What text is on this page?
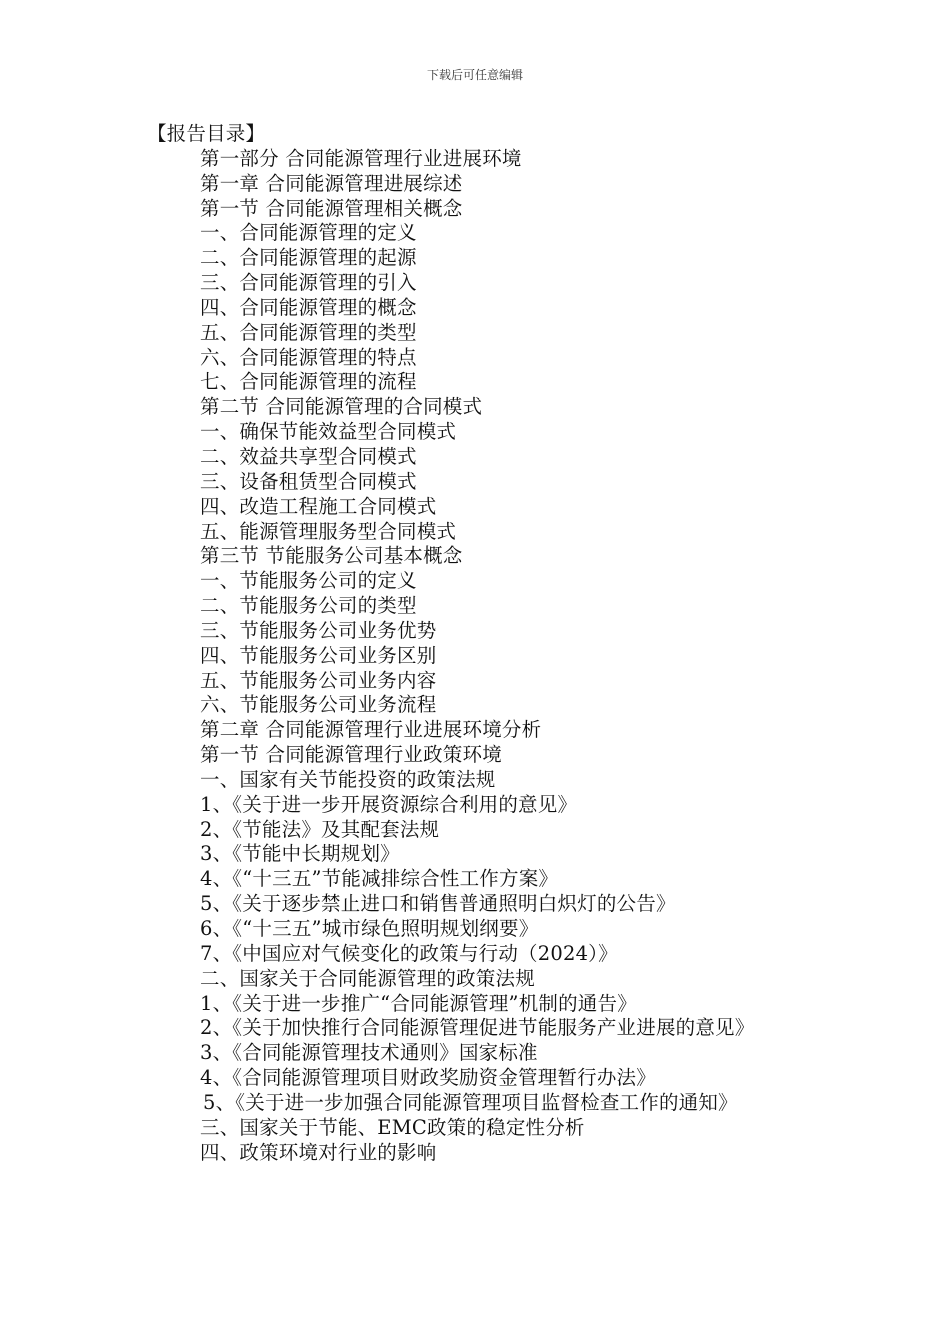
下载后可任意编辑
【报告目录】
第一部分 合同能源管理行业进展环境
第一章 合同能源管理进展综述
第一节 合同能源管理相关概念
一、合同能源管理的定义
二、合同能源管理的起源
三、合同能源管理的引入
四、合同能源管理的概念
五、合同能源管理的类型
六、合同能源管理的特点
七、合同能源管理的流程
第二节 合同能源管理的合同模式
一、确保节能效益型合同模式
二、效益共享型合同模式
三、设备租赁型合同模式
四、改造工程施工合同模式
五、能源管理服务型合同模式
第三节 节能服务公司基本概念
一、节能服务公司的定义
二、节能服务公司的类型
三、节能服务公司业务优势
四、节能服务公司业务区别
五、节能服务公司业务内容
六、节能服务公司业务流程
第二章 合同能源管理行业进展环境分析
第一节 合同能源管理行业政策环境
一、国家有关节能投资的政策法规
1、《关于进一步开展资源综合利用的意见》
2、《节能法》及其配套法规
3、《节能中长期规划》
4、《“十三五”节能减排综合性工作方案》
5、《关于逐步禁止进口和销售普通照明白炽灯的公告》
6、《“十三五”城市绿色照明规划纲要》
7、《中国应对气候变化的政策与行动（2024）》
二、国家关于合同能源管理的政策法规
1、《关于进一步推广“合同能源管理”机制的通告》
2、《关于加快推行合同能源管理促进节能服务产业进展的意见》
3、《合同能源管理技术通则》国家标准
4、《合同能源管理项目财政奖励资金管理暂行办法》
5、《关于进一步加强合同能源管理项目监督检查工作的通知》
三、国家关于节能、EMC政策的稳定性分析
四、政策环境对行业的影响
